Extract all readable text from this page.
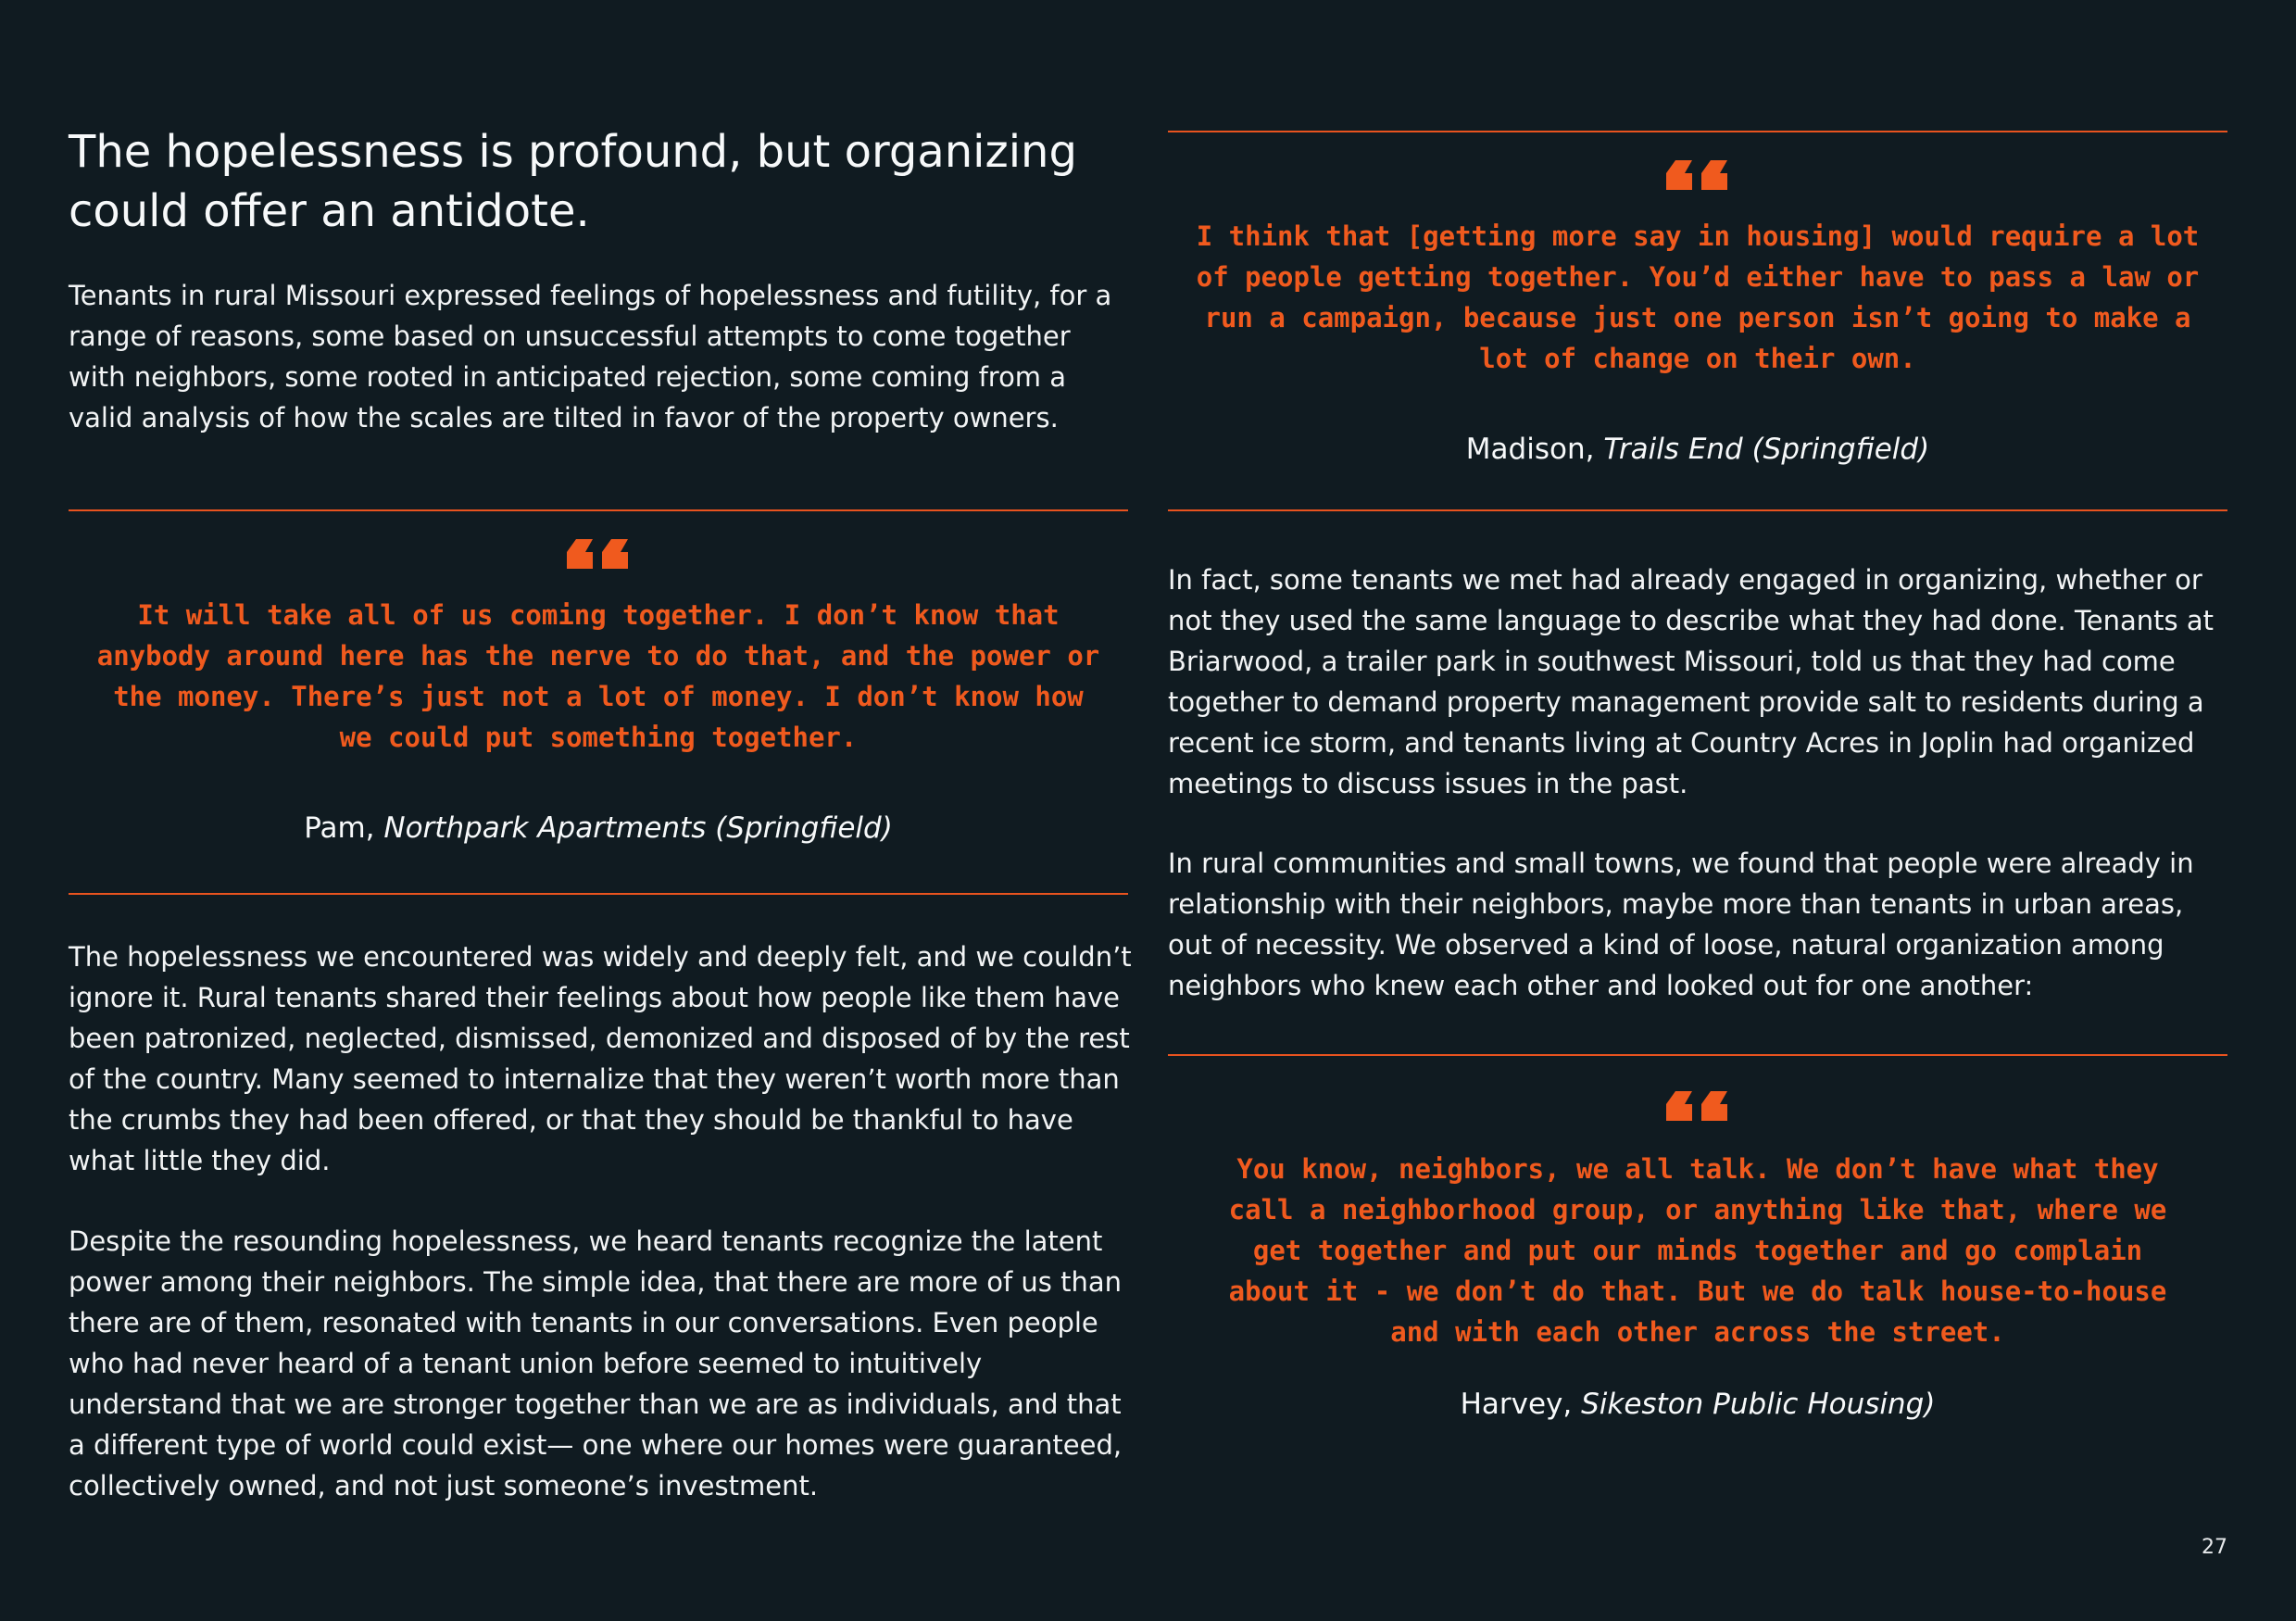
The hopelessness is profound, but organizing could offer an antidote.

Tenants in rural Missouri expressed feelings of hopelessness and futility, for a range of reasons, some based on unsuccessful attempts to come together with neighbors, some rooted in anticipated rejection, some coming from a valid analysis of how the scales are tilted in favor of the property owners.

It will take all of us coming together. I don’t know that anybody around here has the nerve to do that, and the power or the money. There’s just not a lot of money. I don’t know how we could put something together.

Pam, Northpark Apartments (Springfield)

The hopelessness we encountered was widely and deeply felt, and we couldn’t ignore it. Rural tenants shared their feelings about how people like them have been patronized, neglected, dismissed, demonized and disposed of by the rest of the country. Many seemed to internalize that they weren’t worth more than the crumbs they had been offered, or that they should be thankful to have what little they did.

Despite the resounding hopelessness, we heard tenants recognize the latent power among their neighbors. The simple idea, that there are more of us than there are of them, resonated with tenants in our conversations. Even people who had never heard of a tenant union before seemed to intuitively understand that we are stronger together than we are as individuals, and that a different type of world could exist— one where our homes were guaranteed, collectively owned, and not just someone’s investment.

I think that [getting more say in housing] would require a lot of people getting together. You’d either have to pass a law or run a campaign, because just one person isn’t going to make a lot of change on their own.

Madison, Trails End (Springfield)

In fact, some tenants we met had already engaged in organizing, whether or not they used the same language to describe what they had done. Tenants at Briarwood, a trailer park in southwest Missouri, told us that they had come together to demand property management provide salt to residents during a recent ice storm, and tenants living at Country Acres in Joplin had organized meetings to discuss issues in the past.

In rural communities and small towns, we found that people were already in relationship with their neighbors, maybe more than tenants in urban areas, out of necessity. We observed a kind of loose, natural organization among neighbors who knew each other and looked out for one another:

You know, neighbors, we all talk. We don’t have what they call a neighborhood group, or anything like that, where we get together and put our minds together and go complain about it - we don’t do that. But we do talk house-to-house and with each other across the street.

Harvey, Sikeston Public Housing)

27
